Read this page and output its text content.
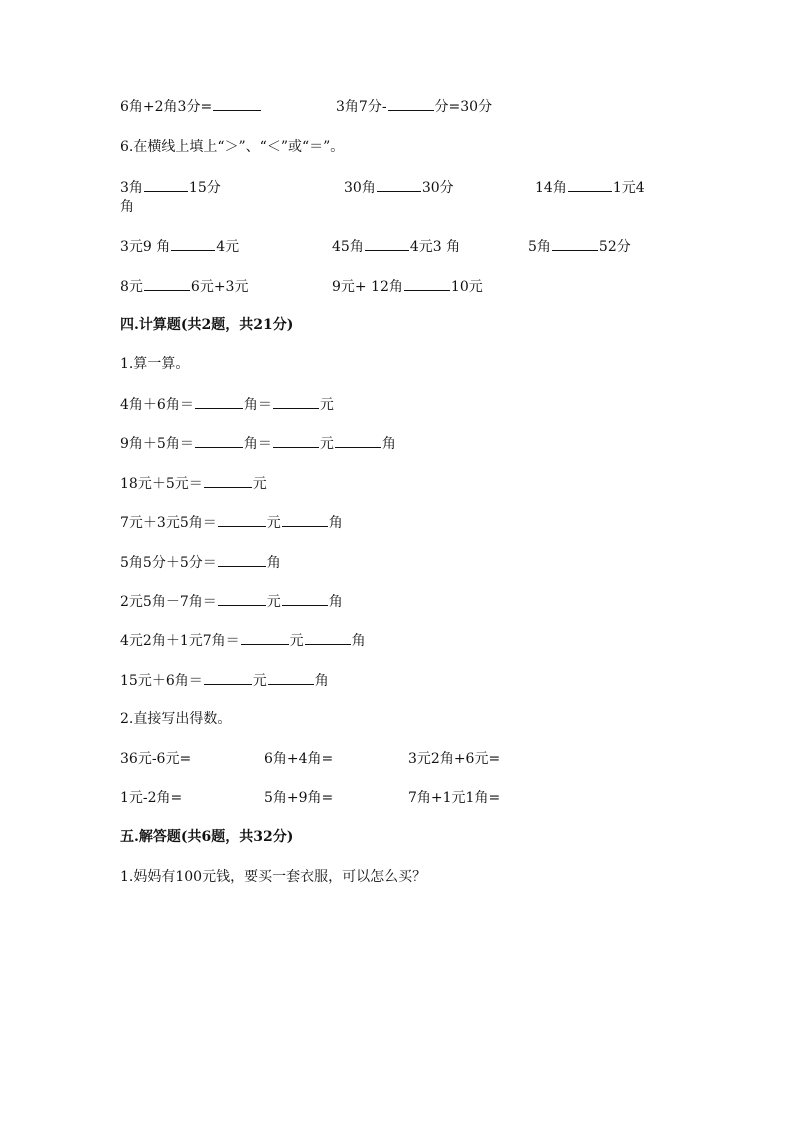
6角+2角3分=	3角7分-	分=30分
6.在横线上填上“＞”、“＜”或“＝”。
3角	15分	30角	30分	14角	1元4
角
3元9 角	4元	45角	4元3 角	5角	52分
8元	6元+3元	9元+ 12角	10元
四.计算题(共2题，共21分)
1.算一算。
4角＋6角＝	角＝	元
9角＋5角＝	角＝	元	角
18元＋5元＝	元
7元＋3元5角＝	元	角
5角5分＋5分＝	角
2元5角－7角＝	元	角
4元2角＋1元7角＝	元	角
15元＋6角＝	元	角
2.直接写出得数。
36元-6元=	6角+4角=	3元2角+6元=
1元-2角=	5角+9角=	7角+1元1角=
五.解答题(共6题，共32分)
1.妈妈有100元钱，要买一套衣服，可以怎么买？
